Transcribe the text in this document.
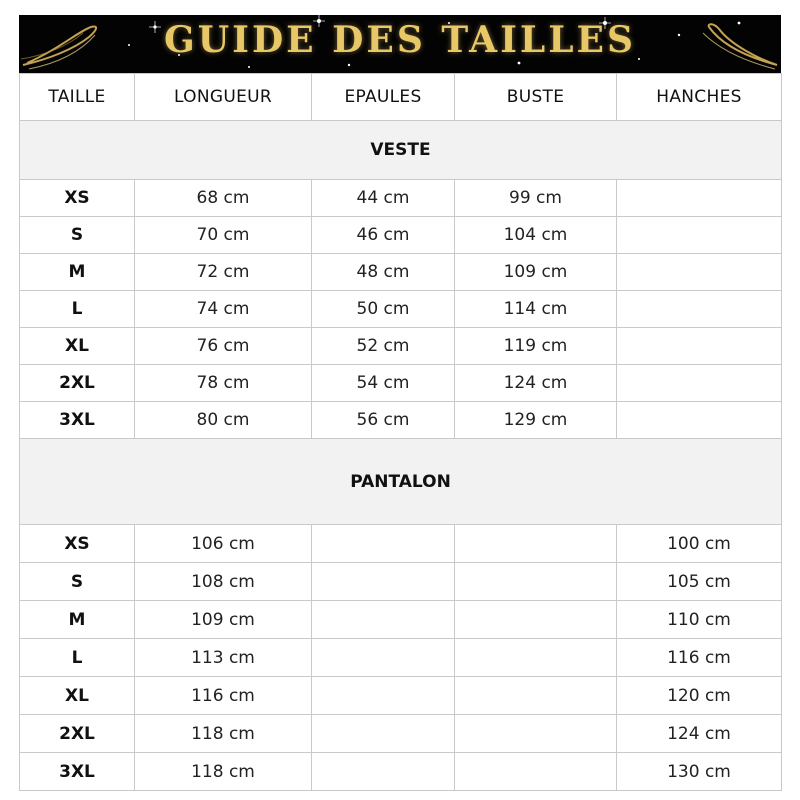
GUIDE DES TAILLES
TAILLE	LONGUEUR	EPAULES	BUSTE	HANCHES
VESTE				
XS	68 cm	44 cm	99 cm	
S	70 cm	46 cm	104 cm	
M	72 cm	48 cm	109 cm	
L	74 cm	50 cm	114 cm	
XL	76 cm	52 cm	119 cm	
2XL	78 cm	54 cm	124 cm	
3XL	80 cm	56 cm	129 cm	
PANTALON				
XS	106 cm			100 cm
S	108 cm			105 cm
M	109 cm			110 cm
L	113 cm			116 cm
XL	116 cm			120 cm
2XL	118 cm			124 cm
3XL	118 cm			130 cm
